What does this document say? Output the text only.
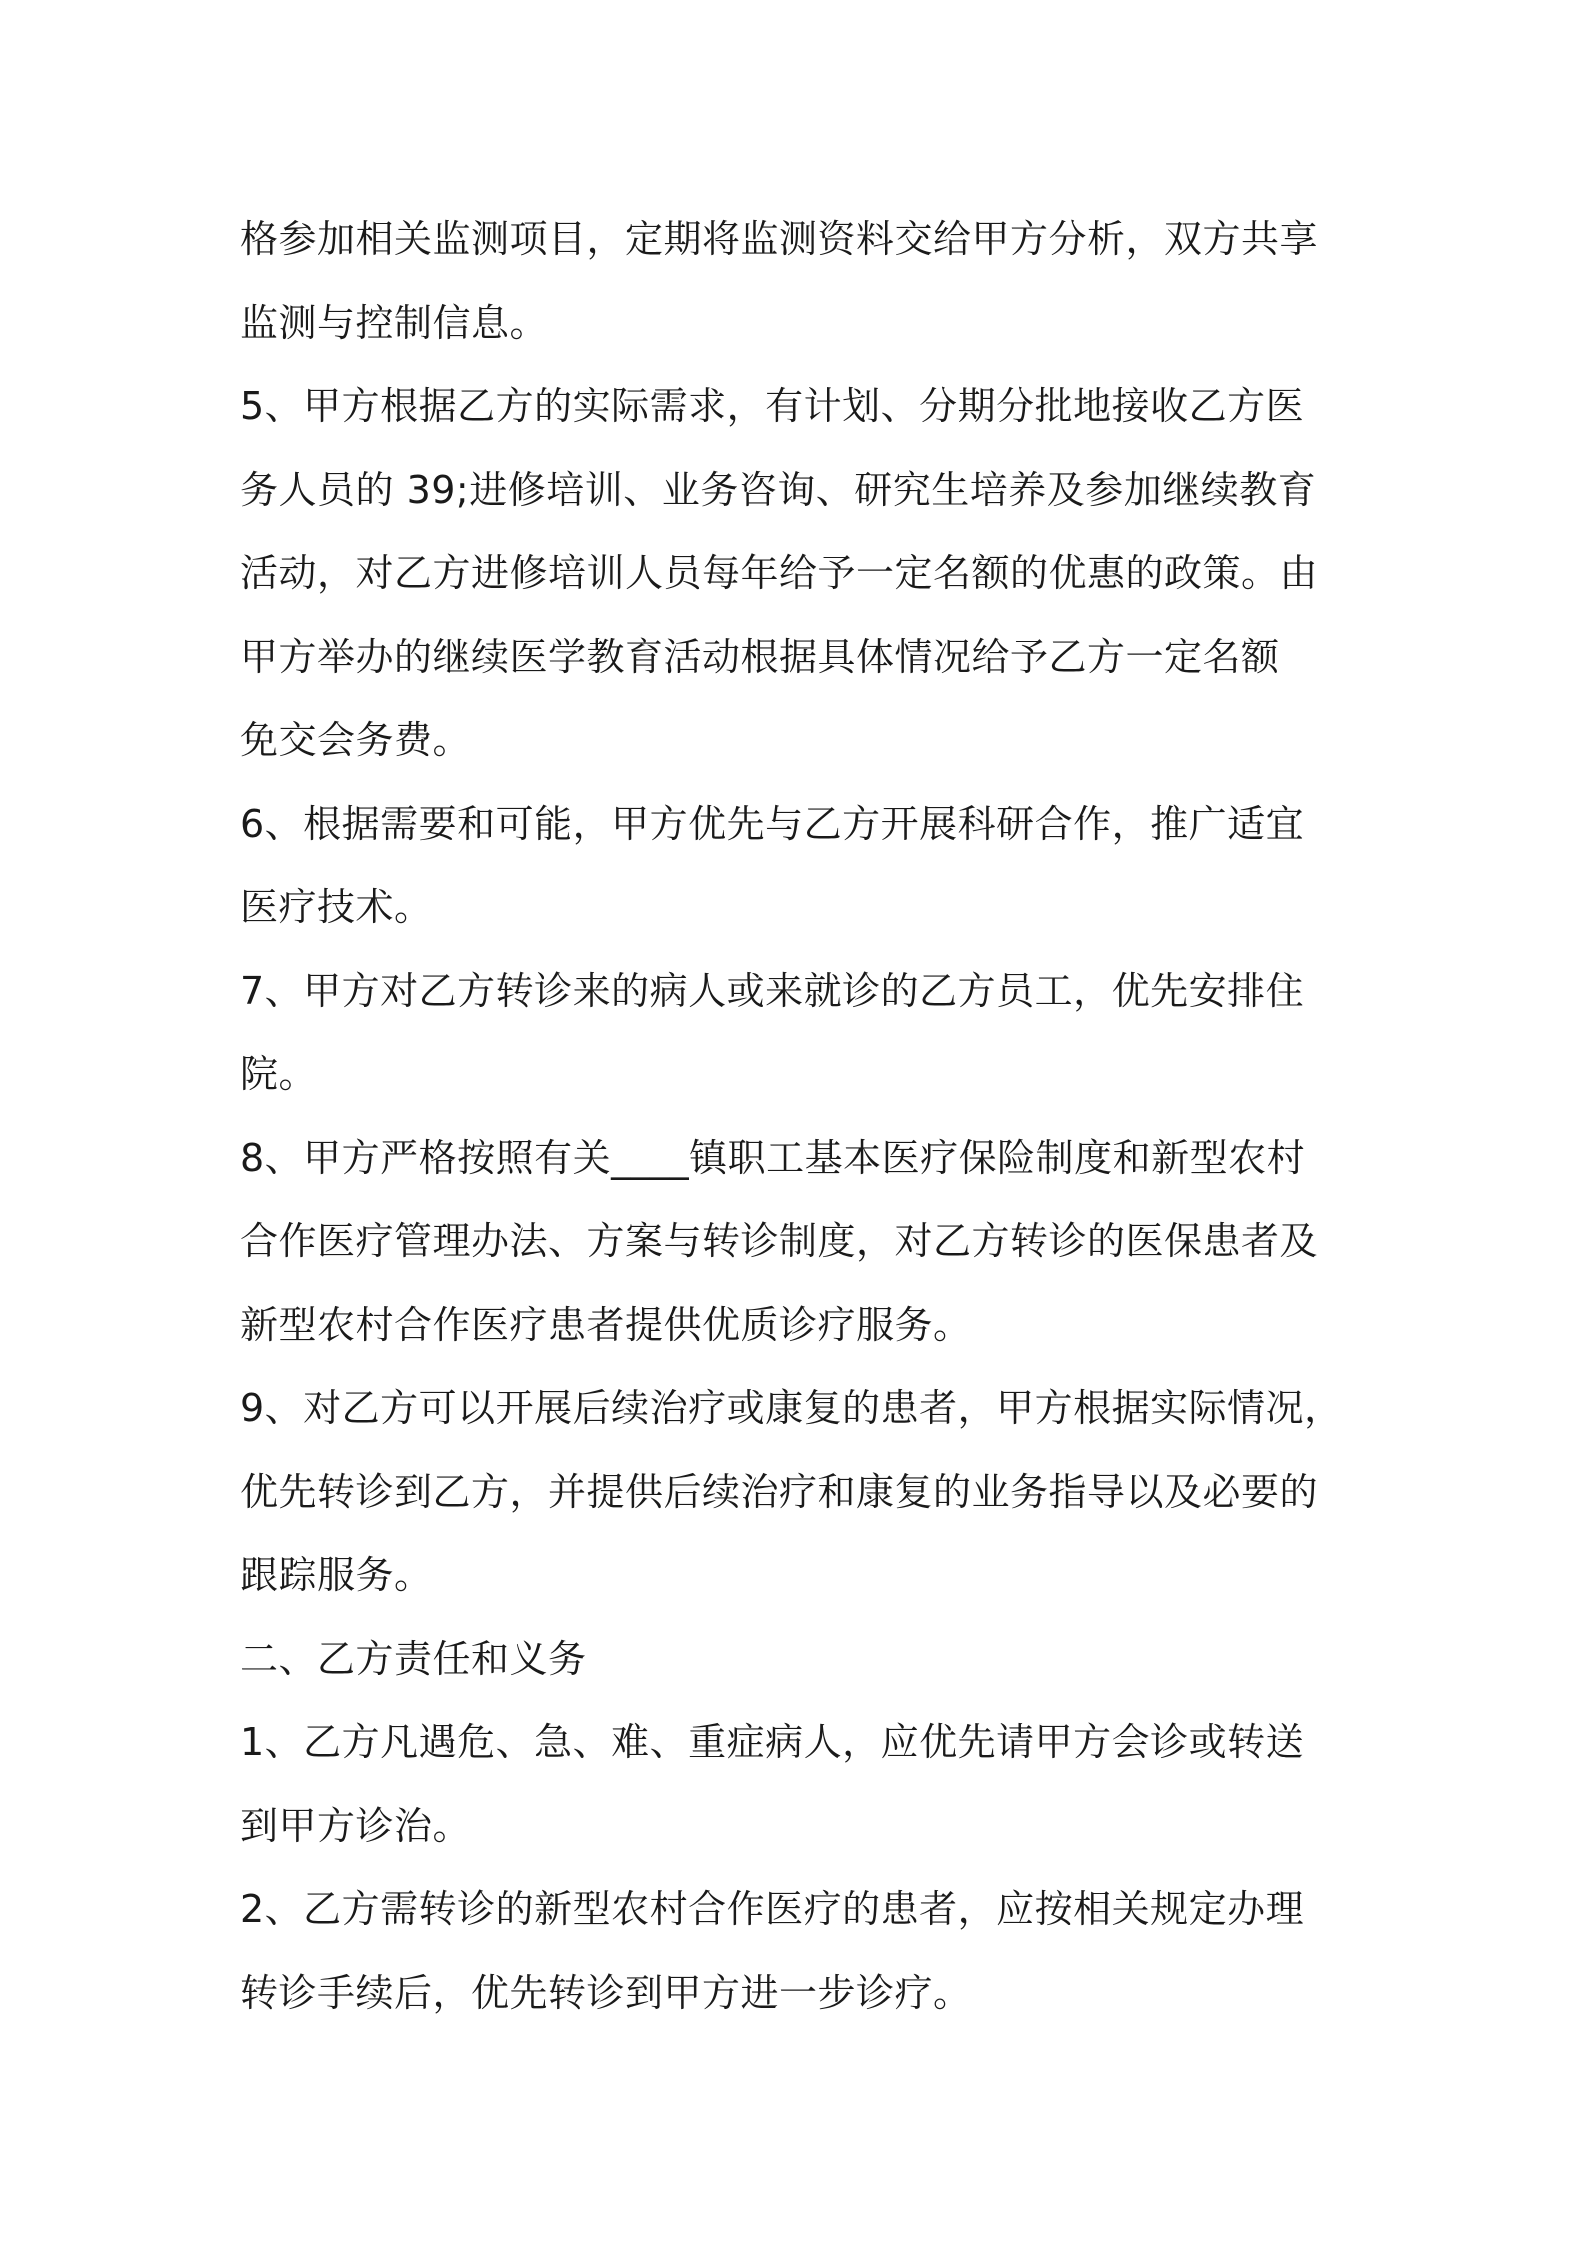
格参加相关监测项目，定期将监测资料交给甲方分析，双方共享
监测与控制信息。
5、甲方根据乙方的实际需求，有计划、分期分批地接收乙方医
务人员的 39;进修培训、业务咨询、研究生培养及参加继续教育
活动，对乙方进修培训人员每年给予一定名额的优惠的政策。由
甲方举办的继续医学教育活动根据具体情况给予乙方一定名额
免交会务费。
6、根据需要和可能，甲方优先与乙方开展科研合作，推广适宜
医疗技术。
7、甲方对乙方转诊来的病人或来就诊的乙方员工，优先安排住
院。
8、甲方严格按照有关____镇职工基本医疗保险制度和新型农村
合作医疗管理办法、方案与转诊制度，对乙方转诊的医保患者及
新型农村合作医疗患者提供优质诊疗服务。
9、对乙方可以开展后续治疗或康复的患者，甲方根据实际情况，
优先转诊到乙方，并提供后续治疗和康复的业务指导以及必要的
跟踪服务。
二、乙方责任和义务
1、乙方凡遇危、急、难、重症病人，应优先请甲方会诊或转送
到甲方诊治。
2、乙方需转诊的新型农村合作医疗的患者，应按相关规定办理
转诊手续后，优先转诊到甲方进一步诊疗。
